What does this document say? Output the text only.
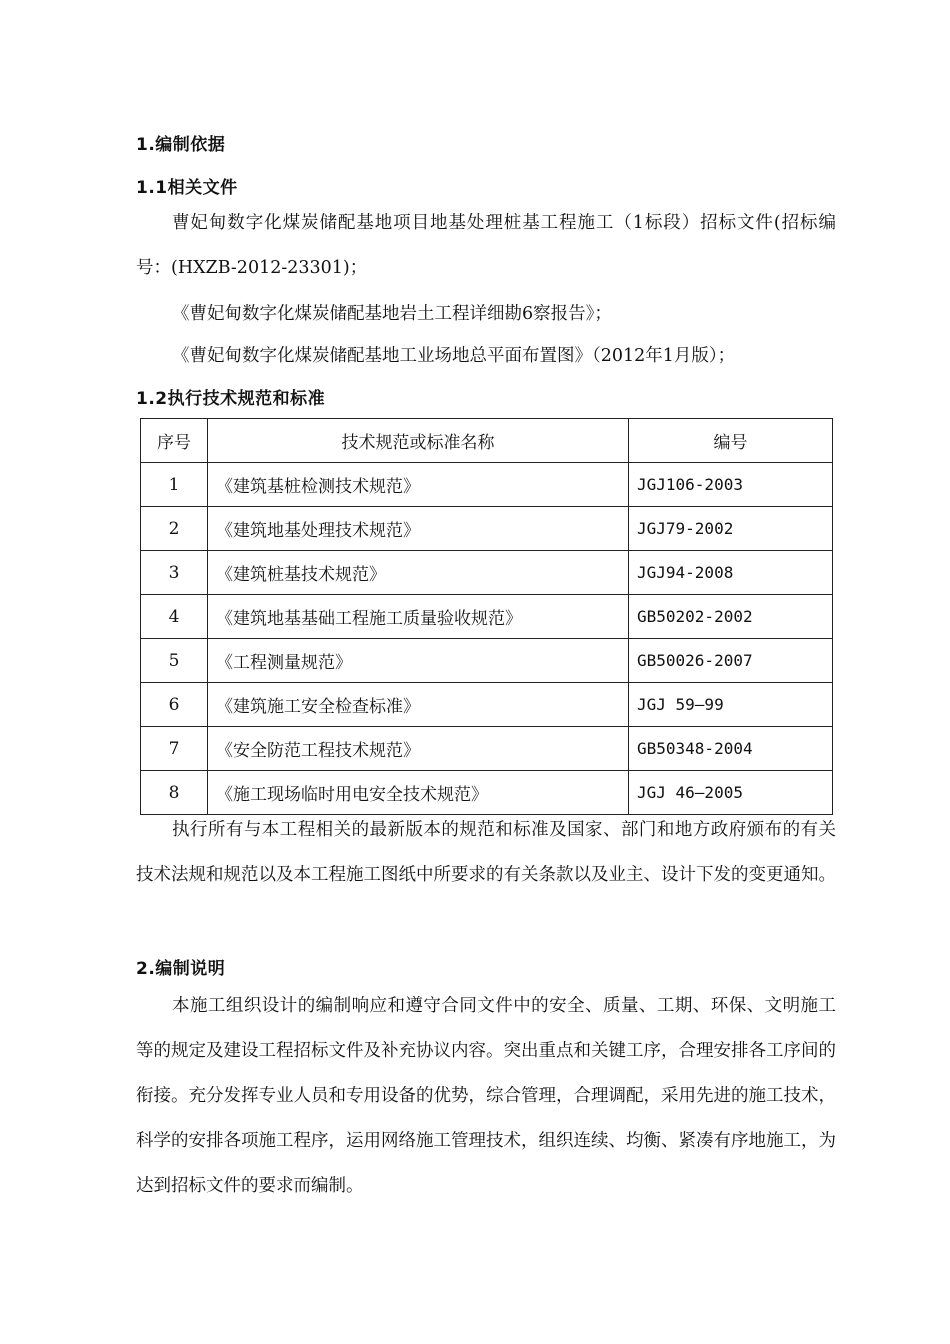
1.编制依据
1.1相关文件
曹妃甸数字化煤炭储配基地项目地基处理桩基工程施工（1标段）招标文件(招标编号：(HXZB-2012-23301)；
《曹妃甸数字化煤炭储配基地岩土工程详细勘6察报告》；
《曹妃甸数字化煤炭储配基地工业场地总平面布置图》（2012年1月版）；
1.2执行技术规范和标准
序号	技术规范或标准名称	编号
1	《建筑基桩检测技术规范》	JGJ106-2003
2	《建筑地基处理技术规范》	JGJ79-2002
3	《建筑桩基技术规范》	JGJ94-2008
4	《建筑地基基础工程施工质量验收规范》	GB50202-2002
5	《工程测量规范》	GB50026-2007
6	《建筑施工安全检查标准》	JGJ 59—99
7	《安全防范工程技术规范》	GB50348-2004
8	《施工现场临时用电安全技术规范》	JGJ 46—2005
执行所有与本工程相关的最新版本的规范和标准及国家、部门和地方政府颁布的有关技术法规和规范以及本工程施工图纸中所要求的有关条款以及业主、设计下发的变更通知。
2.编制说明
本施工组织设计的编制响应和遵守合同文件中的安全、质量、工期、环保、文明施工等的规定及建设工程招标文件及补充协议内容。突出重点和关键工序，合理安排各工序间的衔接。充分发挥专业人员和专用设备的优势，综合管理，合理调配，采用先进的施工技术，科学的安排各项施工程序，运用网络施工管理技术，组织连续、均衡、紧凑有序地施工，为达到招标文件的要求而编制。
